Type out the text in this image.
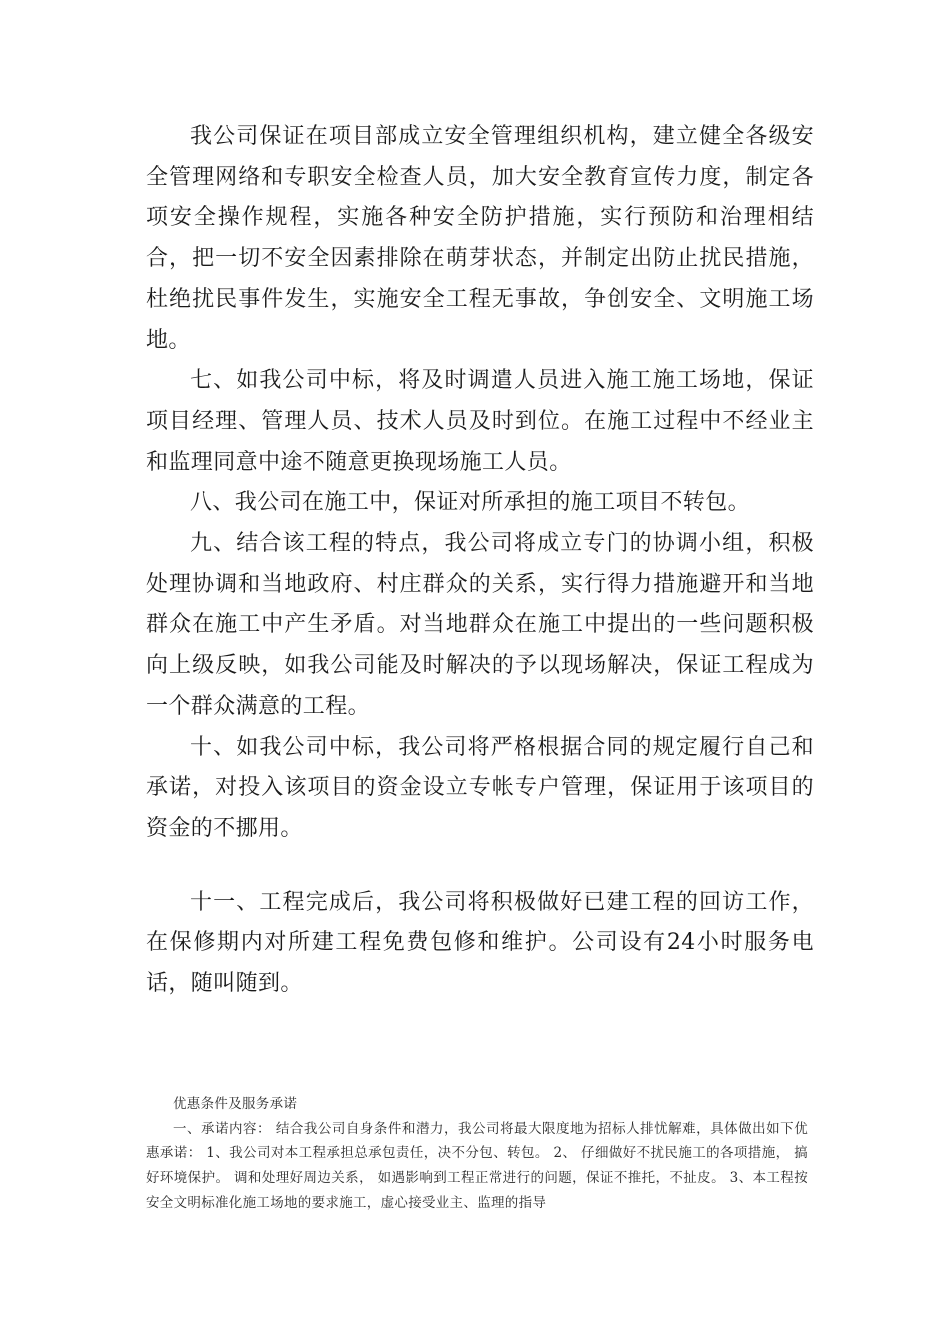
我公司保证在项目部成立安全管理组织机构，建立健全各级安全管理网络和专职安全检查人员，加大安全教育宣传力度，制定各项安全操作规程，实施各种安全防护措施，实行预防和治理相结合，把一切不安全因素排除在萌芽状态，并制定出防止扰民措施，杜绝扰民事件发生，实施安全工程无事故，争创安全、文明施工场地。

七、如我公司中标，将及时调遣人员进入施工施工场地，保证项目经理、管理人员、技术人员及时到位。在施工过程中不经业主和监理同意中途不随意更换现场施工人员。

八、我公司在施工中，保证对所承担的施工项目不转包。

九、结合该工程的特点，我公司将成立专门的协调小组，积极处理协调和当地政府、村庄群众的关系，实行得力措施避开和当地群众在施工中产生矛盾。对当地群众在施工中提出的一些问题积极向上级反映，如我公司能及时解决的予以现场解决，保证工程成为一个群众满意的工程。

十、如我公司中标，我公司将严格根据合同的规定履行自己和承诺，对投入该项目的资金设立专帐专户管理，保证用于该项目的资金的不挪用。

十一、工程完成后，我公司将积极做好已建工程的回访工作，在保修期内对所建工程免费包修和维护。公司设有24小时服务电话，随叫随到。

优惠条件及服务承诺

一、承诺内容： 结合我公司自身条件和潜力，我公司将最大限度地为招标人排忧解难，具体做出如下优惠承诺： 1、我公司对本工程承担总承包责任，决不分包、转包。 2、 仔细做好不扰民施工的各项措施， 搞好环境保护。 调和处理好周边关系， 如遇影响到工程正常进行的问题，保证不推托，不扯皮。 3、本工程按安全文明标准化施工场地的要求施工，虚心接受业主、监理的指导
